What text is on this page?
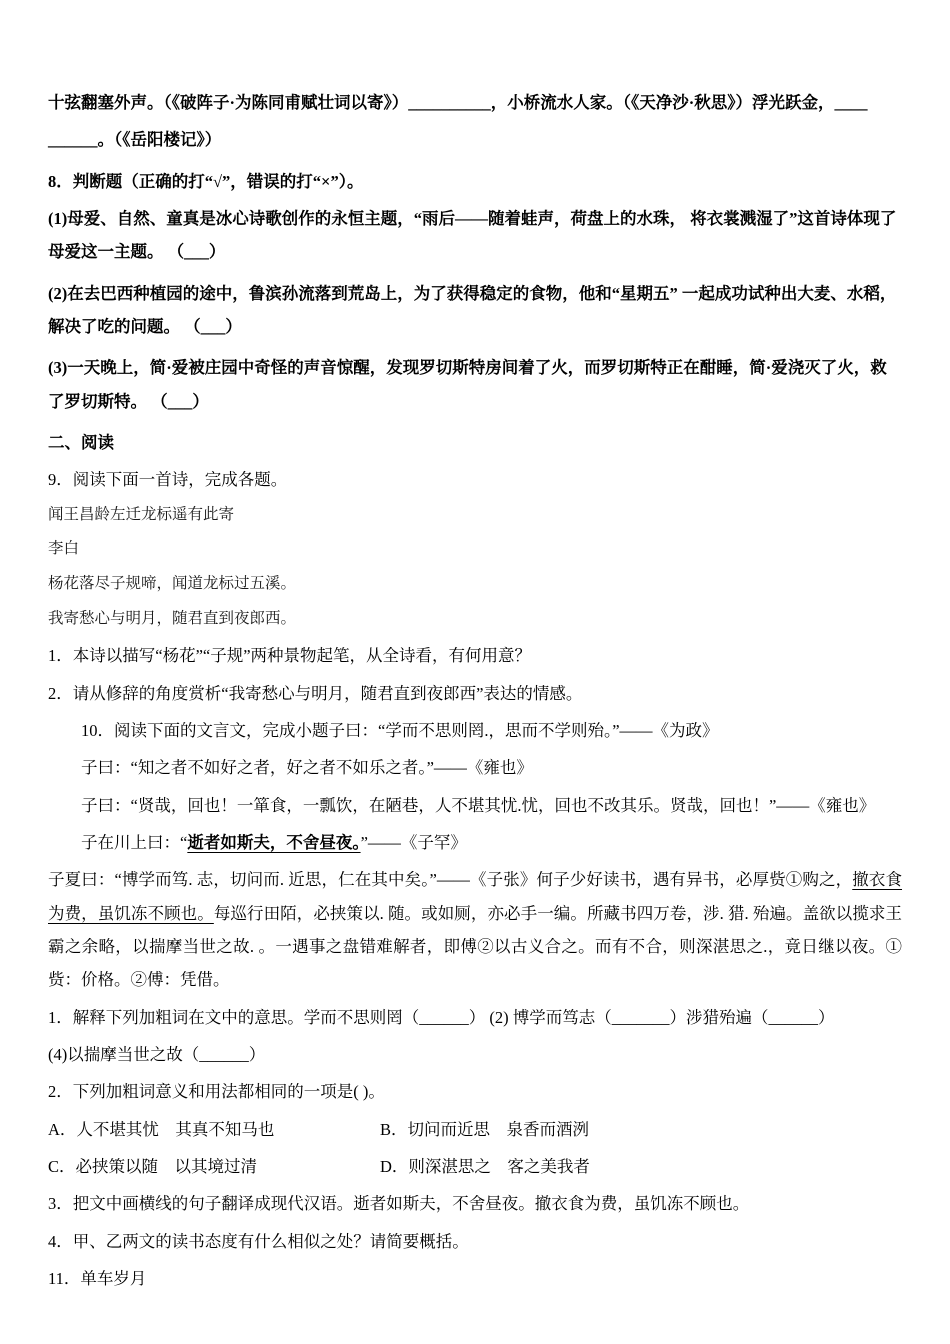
十弦翻塞外声。（《破阵子·为陈同甫赋壮词以寄》）__________，小桥流水人家。（《天净沙·秋思》）浮光跃金，____

______。（《岳阳楼记》）

8．判断题（正确的打“√”，错误的打“×”）。

(1)母爱、自然、童真是冰心诗歌创作的永恒主题，“雨后——随着蛙声，荷盘上的水珠， 将衣裳溅湿了”这首诗体现了母爱这一主题。 （___）

(2)在去巴西种植园的途中，鲁滨孙流落到荒岛上，为了获得稳定的食物，他和“星期五” 一起成功试种出大麦、水稻，解决了吃的问题。 （___）

(3)一天晚上，简·爱被庄园中奇怪的声音惊醒，发现罗切斯特房间着了火，而罗切斯特正在酣睡，简·爱浇灭了火，救了罗切斯特。 （___）

二、阅读

9．阅读下面一首诗，完成各题。

闻王昌龄左迁龙标遥有此寄

李白

杨花落尽子规啼，闻道龙标过五溪。

我寄愁心与明月，随君直到夜郎西。

1．本诗以描写“杨花”“子规”两种景物起笔，从全诗看，有何用意？

2．请从修辞的角度赏析“我寄愁心与明月，随君直到夜郎西”表达的情感。

10．阅读下面的文言文，完成小题子曰：“学而不思则罔.，思而不学则殆。”——《为政》

子曰：“知之者不如好之者，好之者不如乐之者。”——《雍也》

子曰：“贤哉，回也！一箪食，一瓢饮，在陋巷，人不堪其忧.忧，回也不改其乐。贤哉，回也！”——《雍也》

子在川上曰：“逝者如斯夫，不舍昼夜。”——《子罕》

子夏曰：“博学而笃. 志，切问而. 近思，仁在其中矣。”——《子张》何子少好读书，遇有异书，必厚赀①购之，撤衣食为费，虽饥冻不顾也。每巡行田陌，必挟策以. 随。或如厕，亦必手一编。所藏书四万卷，涉. 猎. 殆遍。盖欲以揽求王霸之余略，以揣摩当世之故. 。一遇事之盘错难解者，即傅②以古义合之。而有不合，则深湛思之.，竟日继以夜。①赀：价格。②傅：凭借。

1．解释下列加粗词在文中的意思。学而不思则罔（______） (2) 博学而笃志（_______）涉猎殆遍（______）

(4)以揣摩当世之故（______）

2．下列加粗词意义和用法都相同的一项是( )。

A．人不堪其忧　其真不知马也	B．切问而近思　泉香而酒洌

C．必挟策以随　以其境过清	D．则深湛思之　客之美我者

3．把文中画横线的句子翻译成现代汉语。逝者如斯夫，不舍昼夜。撤衣食为费，虽饥冻不顾也。

4．甲、乙两文的读书态度有什么相似之处？请简要概括。

11．单车岁月
